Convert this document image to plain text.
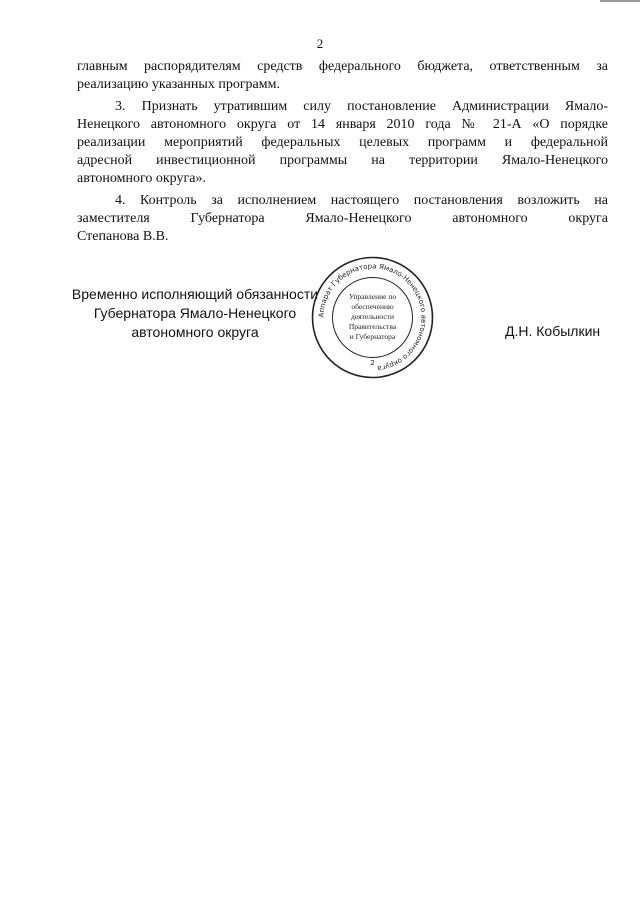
2

главным распорядителям средств федерального бюджета, ответственным за
реализацию указанных программ.

3. Признать утратившим силу постановление Администрации Ямало-
Ненецкого автономного округа от 14 января 2010 года № 21-А «О порядке
реализации мероприятий федеральных целевых программ и федеральной
адресной инвестиционной программы на территории Ямало-Ненецкого
автономного округа».

4. Контроль за исполнением настоящего постановления возложить на
заместителя Губернатора Ямало-Ненецкого автономного округа
Степанова В.В.

Временно исполняющий обязанности
Губернатора Ямало-Ненецкого
автономного округа	Д.Н. Кобылкин
Аппарат Губернатора Ямало-Ненецкого автономного округа
Управление по
обеспечению
деятельности
Правительства
и Губернатора
2
